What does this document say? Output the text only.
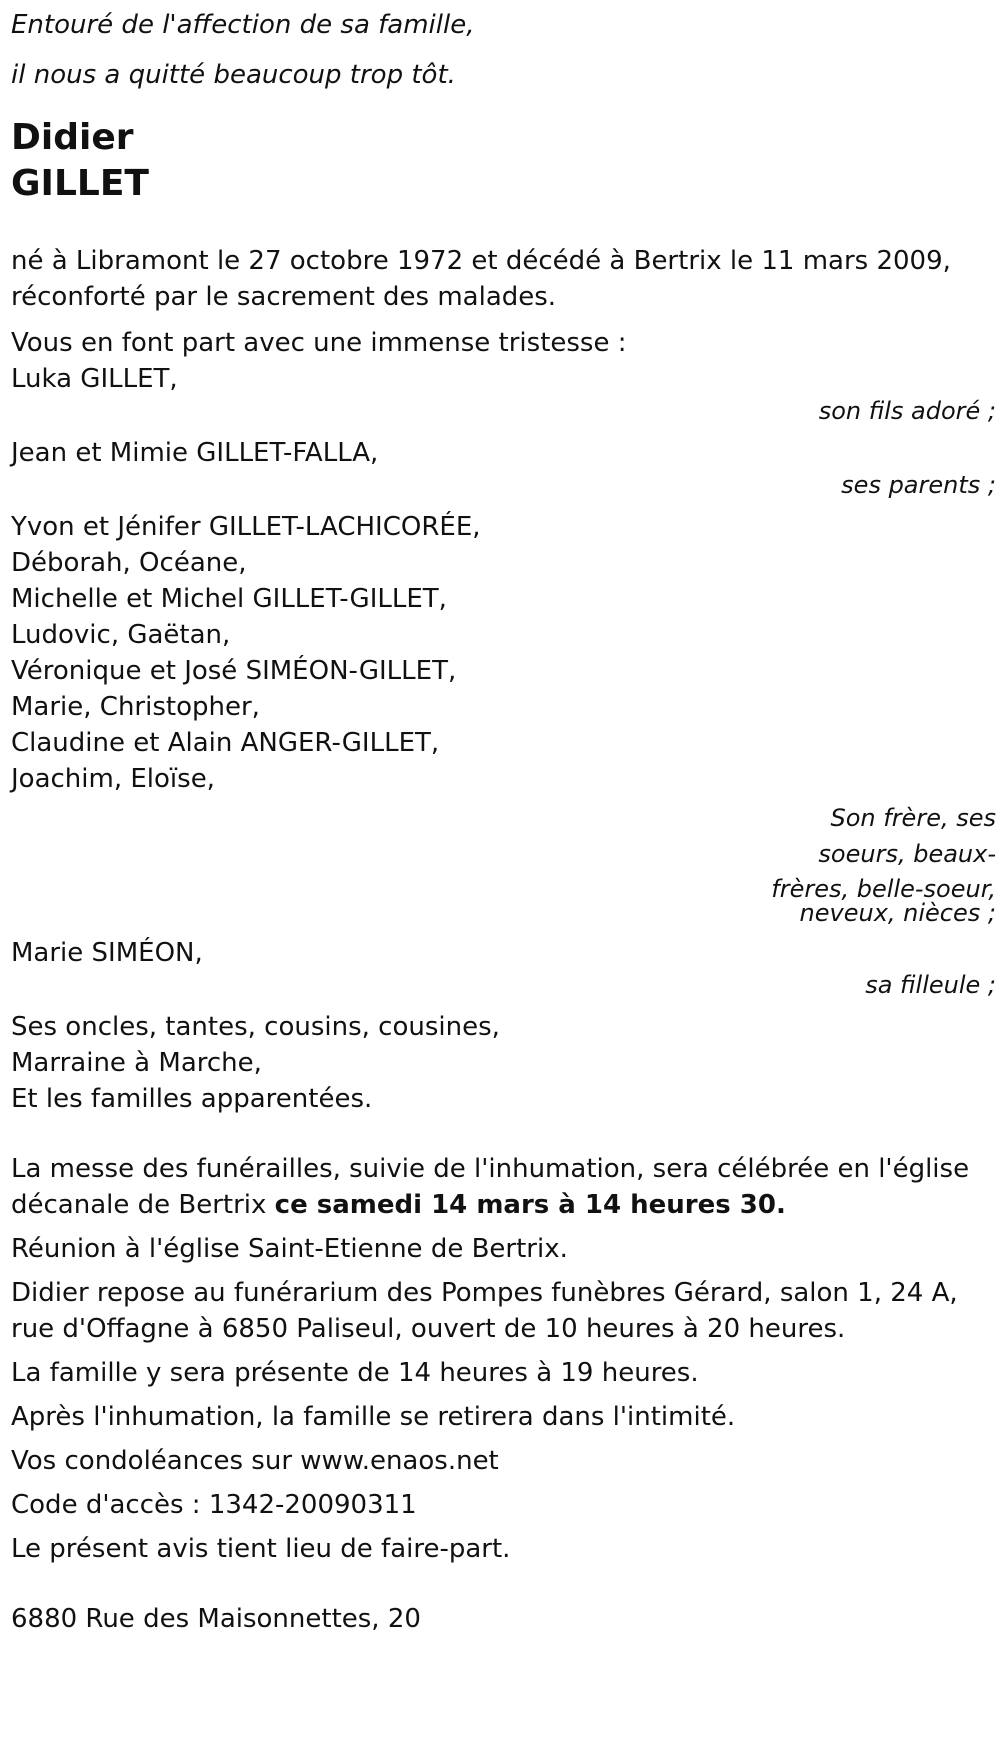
Entouré de l'affection de sa famille,
il nous a quitté beaucoup trop tôt.
Didier
GILLET
né à Libramont le 27 octobre 1972 et décédé à Bertrix le 11 mars 2009,
réconforté par le sacrement des malades.
Vous en font part avec une immense tristesse :
Luka GILLET,
son fils adoré ;
Jean et Mimie GILLET-FALLA,
ses parents ;
Yvon et Jénifer GILLET-LACHICORÉE,
Déborah, Océane,
Michelle et Michel GILLET-GILLET,
Ludovic, Gaëtan,
Véronique et José SIMÉON-GILLET,
Marie, Christopher,
Claudine et Alain ANGER-GILLET,
Joachim, Eloïse,
Son frère, ses
soeurs, beaux-
frères, belle-soeur,
neveux, nièces ;
Marie SIMÉON,
sa filleule ;
Ses oncles, tantes, cousins, cousines,
Marraine à Marche,
Et les familles apparentées.
La messe des funérailles, suivie de l'inhumation, sera célébrée en l'église
décanale de Bertrix ce samedi 14 mars à 14 heures 30.
Réunion à l'église Saint-Etienne de Bertrix.
Didier repose au funérarium des Pompes funèbres Gérard, salon 1, 24 A,
rue d'Offagne à 6850 Paliseul, ouvert de 10 heures à 20 heures.
La famille y sera présente de 14 heures à 19 heures.
Après l'inhumation, la famille se retirera dans l'intimité.
Vos condoléances sur www.enaos.net
Code d'accès : 1342-20090311
Le présent avis tient lieu de faire-part.
6880 Rue des Maisonnettes, 20
